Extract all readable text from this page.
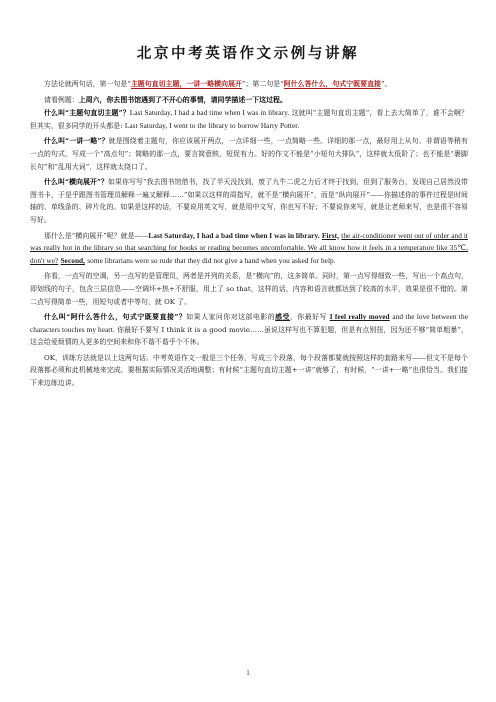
北京中考英语作文示例与讲解

方法论就两句话，第一句是“主题句直切主题，一讲一略横向展开”；第二句是“阿什么答什么，句式宁既要直接”。

请看例题：上周六，你去图书馆遇到了不开心的事情，请同学描述一下这过程。

什么叫“主题句直切主题”？Last Saturday, I had a bad time when I was in library. 这就叫“主题句直切主题”，看上去大简单了，谁不会啊？但其实，很多同学的开头都是: Last Saturday, I went to the library to borrow Harry Potter.

什么叫“一讲一略”？就是围绕着主题句，你应该展开两点，一点详细一些，一点简略一些。详细的那一点，最好用上从句、非谓语等稍有一点的句式，写成一个“高点句”；简略的那一点，要言简意赅，短促有力。好的作文不能是“小短句大排队”，这样就太低阶了；也不能是“裹脚长句”和“乱用大词”，这样就太绕口了。

什么叫“横向展开”？如果你写写“我去图书馆借书，找了半天没找到，废了九牛二虎之力后才终于找到，但到了服务台，发现自己居然没带图书卡，于是乎跟图书管理员解释一遍又解释……”如果以这样的周指写，就不是“横向展开”，而是“纵向展开”——你描述你的事件过程是时间轴的、单线条的、碎片化的。如果是这样的话，不要说用英文写，就是用中文写，你也写不好；不要说你来写，就是让老师来写，也是很不容易写好。

那什么是“横向展开”呢？就是——Last Saturday, I had a bad time when I was in library. First, the air-conditioner went out of order and it was really hot in the library so that searching for books or reading becomes uncomfortable. We all know how it feels in a temperature like 35℃, don't we? Second, some librarians were so rude that they did not give a hand when you asked for help.

你看，一点写的空调，另一点写的是管理员，两者是并列的关系，是“横向”的，这多简单。同时，第一点写得细致一些，写出一个高点句，即划线的句子，包含三层信息——空调坏+热+不舒服，用上了 so that，这样的话，内容和语言就都达到了较高的水平，效果是很不错的。第二点写得简单一些，用短句或者中等句，就 OK 了。

什么叫“阿什么答什么，句式宁既要直接”？如果人家问你对这部电影的感受，你最好写 I feel really moved and the love between the characters touches my heart. 你最好不要写 I think it is a good movie……虽说这样写也不算犯题，但是有点别扭，因为还不够“简单粗暴”，这会给爱烦情的人更多的空间来和你不谐不谐乎个不休。

OK，训练方法就是以上这两句话。中考英语作文一般是三个任务，写成三个段落，每个段落都要就按照这样的套路来写——但文不是每个段落都必须和此机械地来完成，要根据实际情况灵活地调整；有时候“主题句直切主题+一讲”就够了，有时候，“一讲+一略”也很恰当。我们接下来边练边讲。

1
